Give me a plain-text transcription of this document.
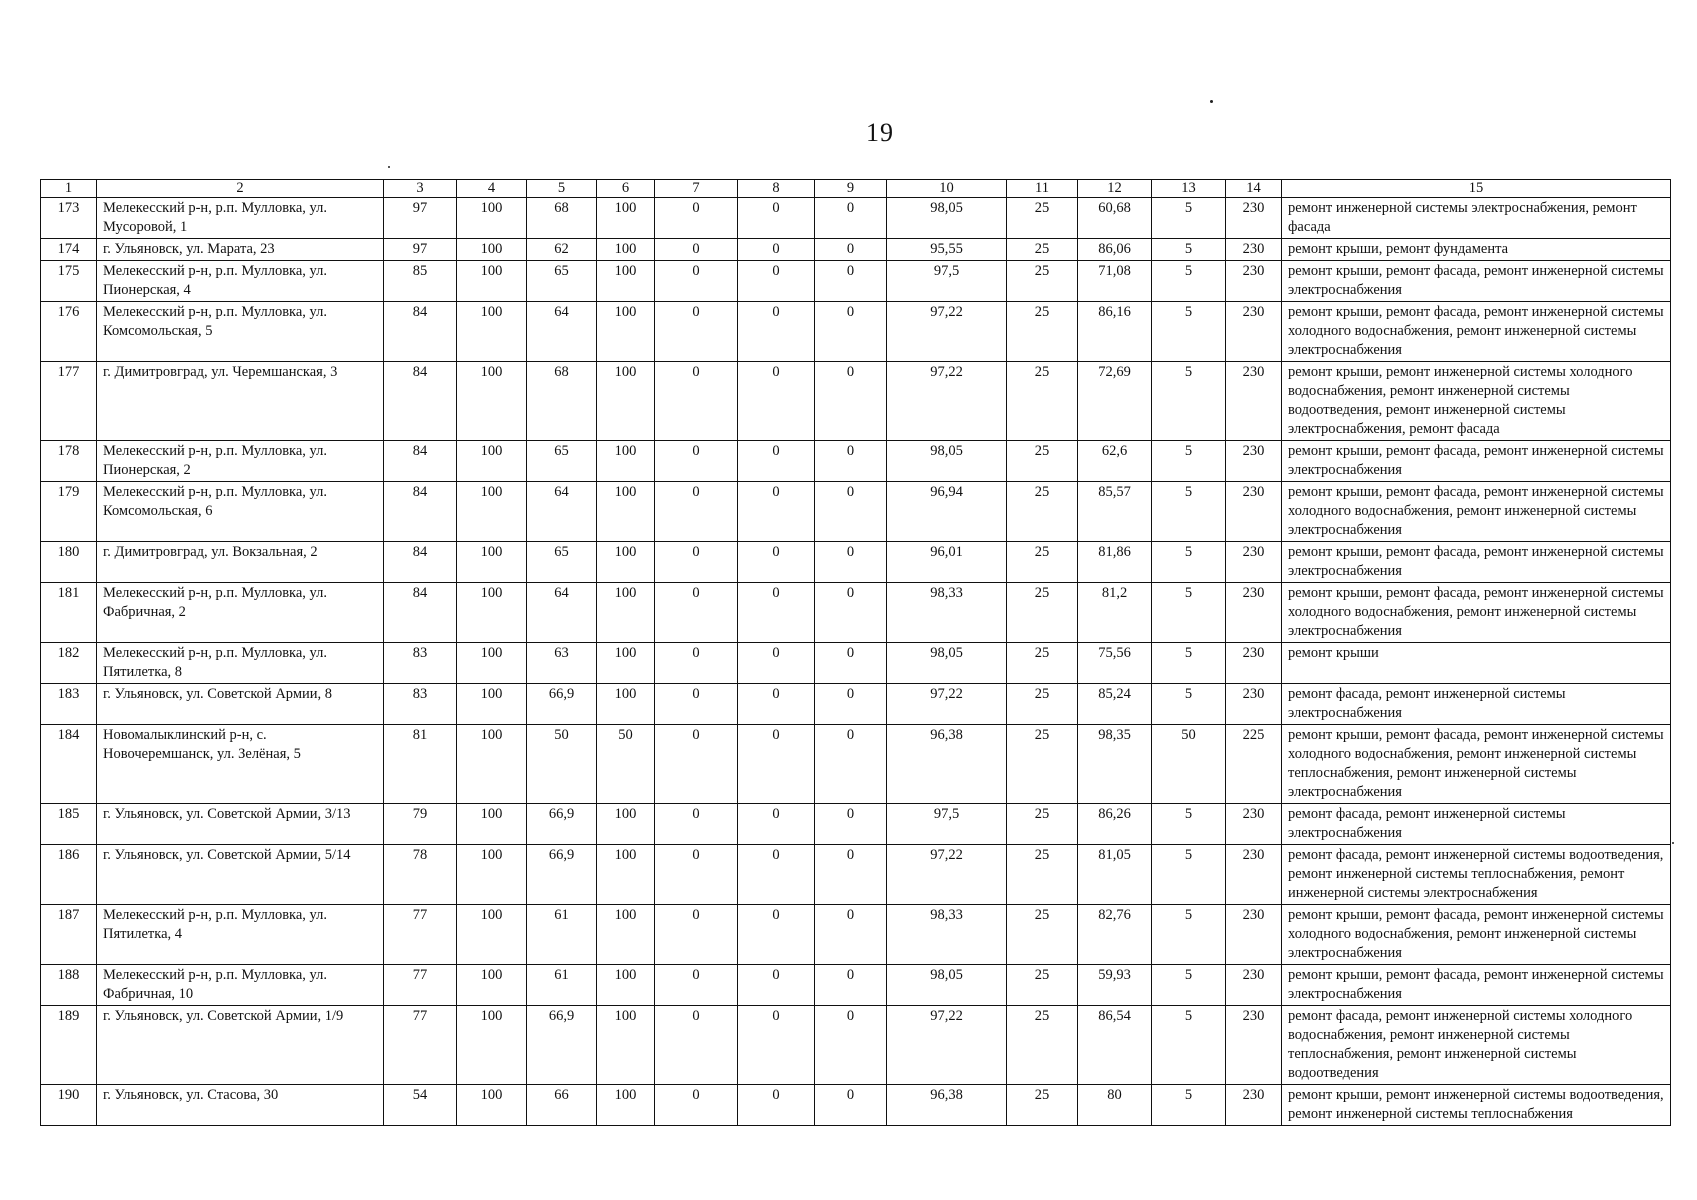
19
1	2	3	4	5	6	7	8	9	10	11	12	13	14	15
173	Мелекесский р-н, р.п. Мулловка, ул. Мусоровой, 1	97	100	68	100	0	0	0	98,05	25	60,68	5	230	ремонт инженерной системы электроснабжения, ремонт фасада
174	г. Ульяновск, ул. Марата, 23	97	100	62	100	0	0	0	95,55	25	86,06	5	230	ремонт крыши, ремонт фундамента
175	Мелекесский р-н, р.п. Мулловка, ул. Пионерская, 4	85	100	65	100	0	0	0	97,5	25	71,08	5	230	ремонт крыши, ремонт фасада, ремонт инженерной системы электроснабжения
176	Мелекесский р-н, р.п. Мулловка, ул. Комсомольская, 5	84	100	64	100	0	0	0	97,22	25	86,16	5	230	ремонт крыши, ремонт фасада, ремонт инженерной системы холодного водоснабжения, ремонт инженерной системы электроснабжения
177	г. Димитровград, ул. Черемшанская, 3	84	100	68	100	0	0	0	97,22	25	72,69	5	230	ремонт крыши, ремонт инженерной системы холодного водоснабжения, ремонт инженерной системы водоотведения, ремонт инженерной системы электроснабжения, ремонт фасада
178	Мелекесский р-н, р.п. Мулловка, ул. Пионерская, 2	84	100	65	100	0	0	0	98,05	25	62,6	5	230	ремонт крыши, ремонт фасада, ремонт инженерной системы электроснабжения
179	Мелекесский р-н, р.п. Мулловка, ул. Комсомольская, 6	84	100	64	100	0	0	0	96,94	25	85,57	5	230	ремонт крыши, ремонт фасада, ремонт инженерной системы холодного водоснабжения, ремонт инженерной системы электроснабжения
180	г. Димитровград, ул. Вокзальная, 2	84	100	65	100	0	0	0	96,01	25	81,86	5	230	ремонт крыши, ремонт фасада, ремонт инженерной системы электроснабжения
181	Мелекесский р-н, р.п. Мулловка, ул. Фабричная, 2	84	100	64	100	0	0	0	98,33	25	81,2	5	230	ремонт крыши, ремонт фасада, ремонт инженерной системы холодного водоснабжения, ремонт инженерной системы электроснабжения
182	Мелекесский р-н, р.п. Мулловка, ул. Пятилетка, 8	83	100	63	100	0	0	0	98,05	25	75,56	5	230	ремонт крыши
183	г. Ульяновск, ул. Советской Армии, 8	83	100	66,9	100	0	0	0	97,22	25	85,24	5	230	ремонт фасада, ремонт инженерной системы электроснабжения
184	Новомалыклинский р-н, с. Новочеремшанск, ул. Зелёная, 5	81	100	50	50	0	0	0	96,38	25	98,35	50	225	ремонт крыши, ремонт фасада, ремонт инженерной системы холодного водоснабжения, ремонт инженерной системы теплоснабжения, ремонт инженерной системы электроснабжения
185	г. Ульяновск, ул. Советской Армии, 3/13	79	100	66,9	100	0	0	0	97,5	25	86,26	5	230	ремонт фасада, ремонт инженерной системы электроснабжения
186	г. Ульяновск, ул. Советской Армии, 5/14	78	100	66,9	100	0	0	0	97,22	25	81,05	5	230	ремонт фасада, ремонт инженерной системы водоотведения, ремонт инженерной системы теплоснабжения, ремонт инженерной системы электроснабжения
187	Мелекесский р-н, р.п. Мулловка, ул. Пятилетка, 4	77	100	61	100	0	0	0	98,33	25	82,76	5	230	ремонт крыши, ремонт фасада, ремонт инженерной системы холодного водоснабжения, ремонт инженерной системы электроснабжения
188	Мелекесский р-н, р.п. Мулловка, ул. Фабричная, 10	77	100	61	100	0	0	0	98,05	25	59,93	5	230	ремонт крыши, ремонт фасада, ремонт инженерной системы электроснабжения
189	г. Ульяновск, ул. Советской Армии, 1/9	77	100	66,9	100	0	0	0	97,22	25	86,54	5	230	ремонт фасада, ремонт инженерной системы холодного водоснабжения, ремонт инженерной системы теплоснабжения, ремонт инженерной системы водоотведения
190	г. Ульяновск, ул. Стасова, 30	54	100	66	100	0	0	0	96,38	25	80	5	230	ремонт крыши, ремонт инженерной системы водоотведения, ремонт инженерной системы теплоснабжения
